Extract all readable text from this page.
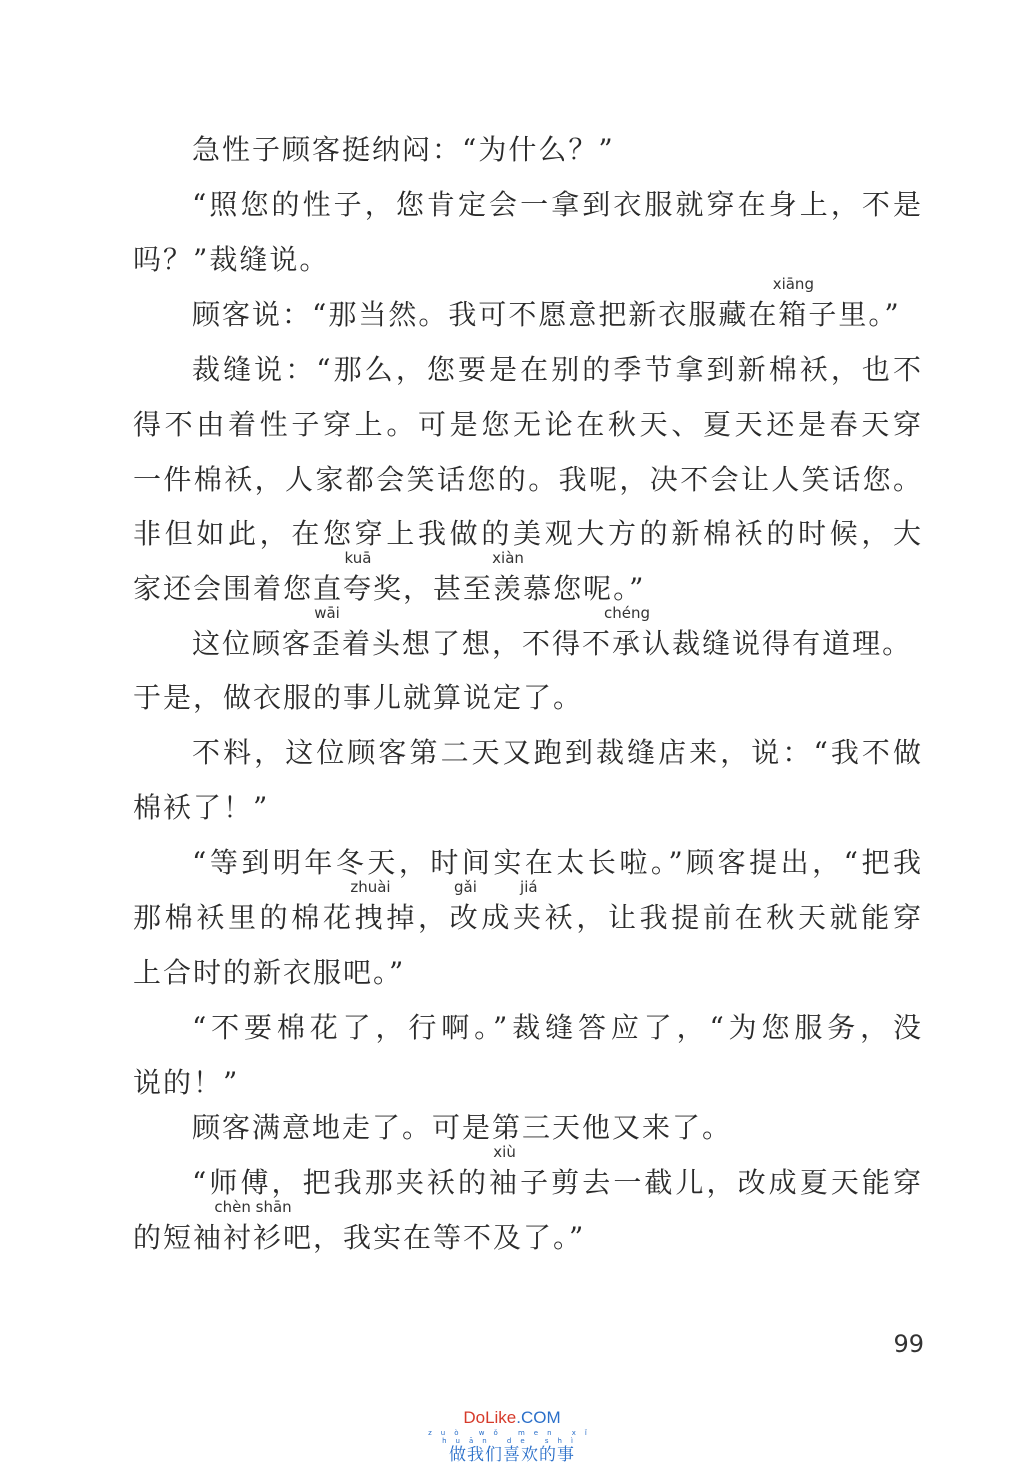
急性子顾客挺纳闷：“为什么？”
“照您的性子，您肯定会一拿到衣服就穿在身上，不是
吗？”裁缝说。
顾客说：“那当然。我可不愿意把新衣服藏在箱
xiāng
子里。”
裁缝说：“那么，您要是在别的季节拿到新棉袄，也不
得不由着性子穿上。可是您无论在秋天、夏天还是春天穿
一件棉袄，人家都会笑话您的。我呢，决不会让人笑话您。
非但如此，在您穿上我做的美观大方的新棉袄的时候，大
家还会围着您直夸
kuā
奖，甚至羡
xiàn
慕您呢。”
这位顾客歪
wāi
着头想了想，不得不承
chéng
认裁缝说得有道理。
于是，做衣服的事儿就算说定了。
不料，这位顾客第二天又跑到裁缝店来，说：“我不做
棉袄了！”
“等到明年冬天，时间实在太长啦。”顾客提出，“把我
那棉袄里的棉花拽
zhuài
掉，改
gǎi
成夹
jiá
袄，让我提前在秋天就能穿
上合时的新衣服吧。”
“不要棉花了，行啊。”裁缝答应了，“为您服务，没
说的！”
顾客满意地走了。可是第三天他又来了。
“师傅，把我那夹袄的袖
xiù
子剪去一截儿，改成夏天能穿
的短袖衬衫
chèn shān
吧，我实在等不及了。”
99
DoLike.COM
zuò wǒ men xǐ huān de shì
做我们喜欢的事
